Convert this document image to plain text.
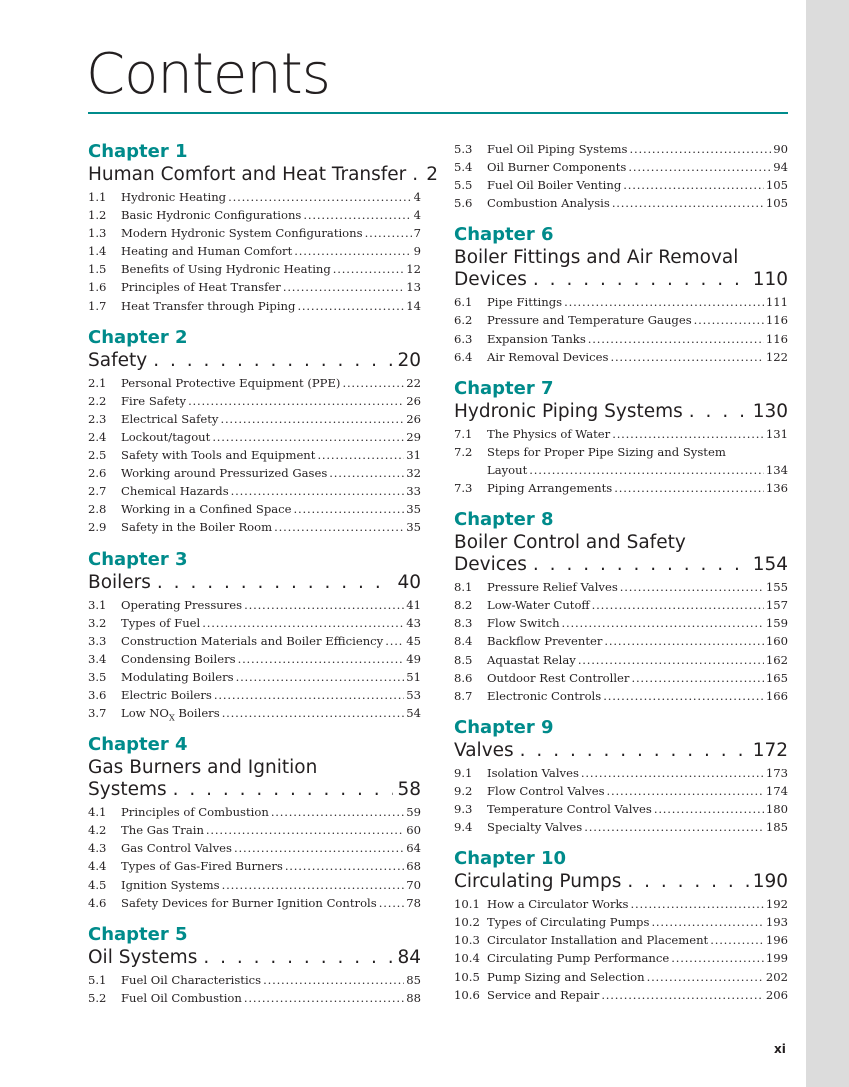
Contents
Chapter 1
Human Comfort and Heat Transfer . . . 2
1.1	Hydronic Heating .....	4
1.2	Basic Hydronic Configurations .....	4
1.3	Modern Hydronic System Configurations .....	7
1.4	Heating and Human Comfort .....	9
1.5	Benefits of Using Hydronic Heating .....	12
1.6	Principles of Heat Transfer .....	13
1.7	Heat Transfer through Piping .....	14
Chapter 2
Safety . . .	20
2.1	Personal Protective Equipment (PPE) .....	22
2.2	Fire Safety .....	26
2.3	Electrical Safety .....	26
2.4	Lockout/tagout .....	29
2.5	Safety with Tools and Equipment .....	31
2.6	Working around Pressurized Gases .....	32
2.7	Chemical Hazards .....	33
2.8	Working in a Confined Space .....	35
2.9	Safety in the Boiler Room .....	35
Chapter 3
Boilers . . .	40
3.1	Operating Pressures .....	41
3.2	Types of Fuel .....	43
3.3	Construction Materials and Boiler Efficiency ..... 45
3.4	Condensing Boilers .....	49
3.5	Modulating Boilers .....	51
3.6	Electric Boilers .....	53
3.7	Low $NO_X$ Boilers .....	54
Chapter 4
Gas Burners and Ignition
Systems . . .	58
4.1	Principles of Combustion .....	59
4.2	The Gas Train .....	60
4.3	Gas Control Valves .....	64
4.4	Types of Gas-Fired Burners .....	68
4.5	Ignition Systems .....	70
4.6	Safety Devices for Burner Ignition Controls .....	78
Chapter 5
Oil Systems . . .	84
5.1	Fuel Oil Characteristics .....	85
5.2	Fuel Oil Combustion .....	88
5.3	Fuel Oil Piping Systems .....	90
5.4	Oil Burner Components .....	94
5.5	Fuel Oil Boiler Venting .....	105
5.6	Combustion Analysis .....	105
Chapter 6
Boiler Fittings and Air Removal
Devices . . .	110
6.1	Pipe Fittings .....	111
6.2	Pressure and Temperature Gauges .....	116
6.3	Expansion Tanks .....	116
6.4	Air Removal Devices .....	122
Chapter 7
Hydronic Piping Systems . . .	130
7.1	The Physics of Water .....	131
7.2	Steps for Proper Pipe Sizing and System
Layout .....	134
7.3	Piping Arrangements .....	136
Chapter 8
Boiler Control and Safety
Devices . . .	154
8.1	Pressure Relief Valves .....	155
8.2	Low-Water Cutoff .....	157
8.3	Flow Switch .....	159
8.4	Backflow Preventer .....	160
8.5	Aquastat Relay .....	162
8.6	Outdoor Rest Controller .....	165
8.7	Electronic Controls .....	166
Chapter 9
Valves . . .	172
9.1	Isolation Valves .....	173
9.2	Flow Control Valves .....	174
9.3	Temperature Control Valves .....	180
9.4	Specialty Valves .....	185
Chapter 10
Circulating Pumps . . .	190
10.1 How a Circulator Works .....	192
10.2 Types of Circulating Pumps .....	193
10.3 Circulator Installation and Placement .....	196
10.4 Circulating Pump Performance .....	199
10.5 Pump Sizing and Selection .....	202
10.6 Service and Repair .....	206
xi
